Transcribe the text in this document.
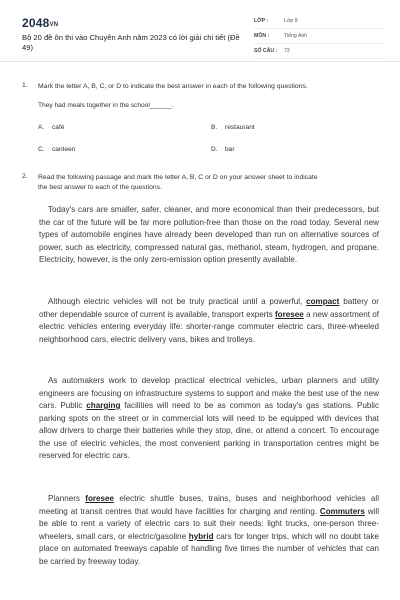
2048VN
Bộ 20 đề ôn thi vào Chuyên Anh năm 2023 có lời giải chi tiết (Đề 49)
LỚP :	Lớp 9
MÔN :	Tiếng Anh
SỐ CÂU :	72
1. Mark the letter A, B, C, or D to indicate the best answer in each of the following questions.
They had meals together in the school______.
A. café	B. restaurant
C. canteen	D. bar
2. Read the following passage and mark the letter A, B, C or D on your answer sheet to indicate
the best answer to each of the questions.

Today's cars are smaller, safer, cleaner, and more economical than their predecessors, but the car of the future will be far more pollution-free than those on the road today. Several new types of automobile engines have already been developed than run on alternative sources of power, such as electricity, compressed natural gas, methanol, steam, hydrogen, and propane. Electricity, however, is the only zero-emission option presently available.

Although electric vehicles will not be truly practical until a powerful, compact battery or other dependable source of current is available, transport experts foresee a new assortment of electric vehicles entering everyday life: shorter-range commuter electric cars, three-wheeled neighborhood cars, electric delivery vans, bikes and trolleys.

As automakers work to develop practical electrical vehicles, urban planners and utility engineers are focusing on infrastructure systems to support and make the best use of the new cars. Public charging facilities will need to be as common as today's gas stations. Public parking spots on the street or in commercial lots will need to be equipped with devices that allow drivers to charge their batteries while they stop, dine, or attend a concert. To encourage the use of electric vehicles, the most convenient parking in transportation centres might be reserved for electric cars.

Planners foresee electric shuttle buses, trains, buses and neighborhood vehicles all meeting at transit centres that would have facilities for charging and renting. Commuters will be able to rent a variety of electric cars to suit their needs: light trucks, one-person three-wheelers, small cars, or electric/gasoline hybrid cars for longer trips, which will no doubt take place on automated freeways capable of handling five times the number of vehicles that can be carried by freeway today.
